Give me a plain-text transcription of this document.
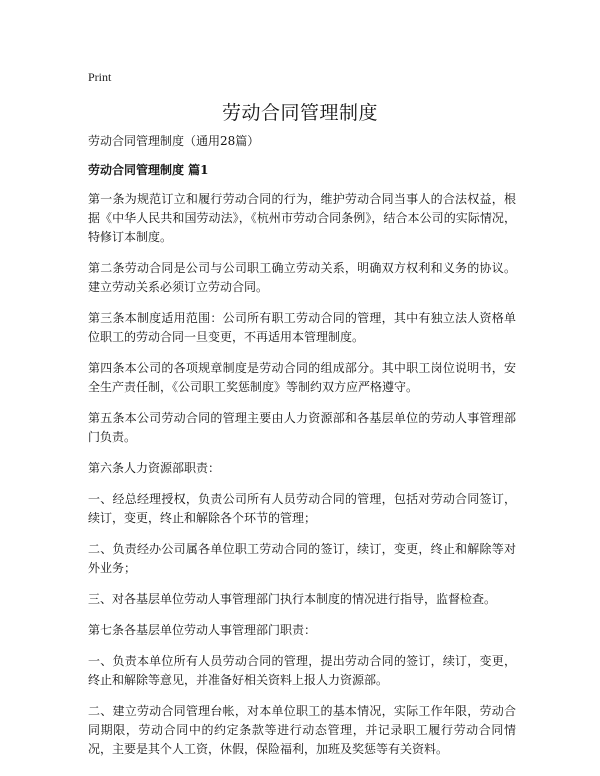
Print
劳动合同管理制度

劳动合同管理制度（通用28篇）

劳动合同管理制度 篇1

第一条为规范订立和履行劳动合同的行为，维护劳动合同当事人的合法权益，根据《中华人民共和国劳动法》，《杭州市劳动合同条例》，结合本公司的实际情况，特修订本制度。

第二条劳动合同是公司与公司职工确立劳动关系，明确双方权利和义务的协议。建立劳动关系必须订立劳动合同。

第三条本制度适用范围：公司所有职工劳动合同的管理，其中有独立法人资格单位职工的劳动合同一旦变更，不再适用本管理制度。

第四条本公司的各项规章制度是劳动合同的组成部分。其中职工岗位说明书，安全生产责任制，《公司职工奖惩制度》等制约双方应严格遵守。

第五条本公司劳动合同的管理主要由人力资源部和各基层单位的劳动人事管理部门负责。

第六条人力资源部职责：

一、经总经理授权，负责公司所有人员劳动合同的管理，包括对劳动合同签订，续订，变更，终止和解除各个环节的管理；

二、负责经办公司属各单位职工劳动合同的签订，续订，变更，终止和解除等对外业务；

三、对各基层单位劳动人事管理部门执行本制度的情况进行指导，监督检查。

第七条各基层单位劳动人事管理部门职责：

一、负责本单位所有人员劳动合同的管理，提出劳动合同的签订，续订，变更，终止和解除等意见，并准备好相关资料上报人力资源部。

二、建立劳动合同管理台帐，对本单位职工的基本情况，实际工作年限，劳动合同期限，劳动合同中的约定条款等进行动态管理，并记录职工履行劳动合同情况，主要是其个人工资，休假，保险福利，加班及奖惩等有关资料。
